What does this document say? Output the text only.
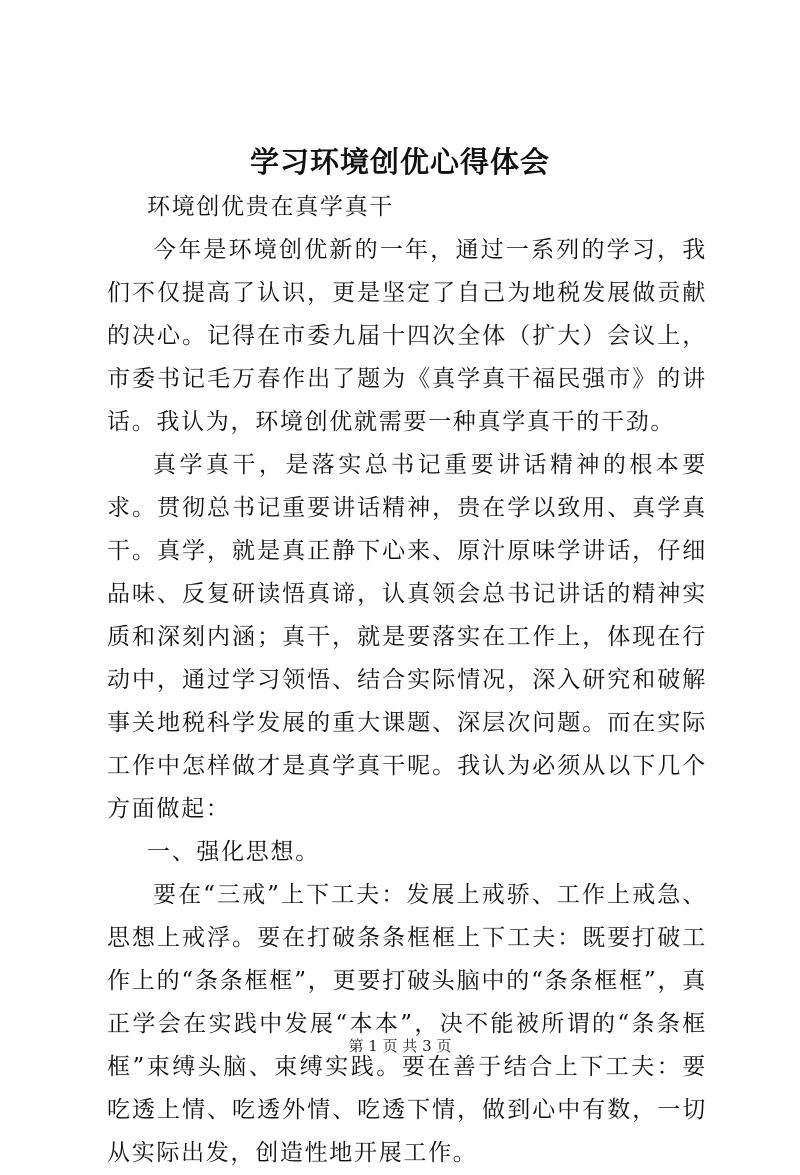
学习环境创优心得体会

环境创优贵在真学真干

今年是环境创优新的一年，通过一系列的学习，我们不仅提高了认识，更是坚定了自己为地税发展做贡献的决心。记得在市委九届十四次全体（扩大）会议上，市委书记毛万春作出了题为《真学真干福民强市》的讲话。我认为，环境创优就需要一种真学真干的干劲。

真学真干，是落实总书记重要讲话精神的根本要求。贯彻总书记重要讲话精神，贵在学以致用、真学真干。真学，就是真正静下心来、原汁原味学讲话，仔细品味、反复研读悟真谛，认真领会总书记讲话的精神实质和深刻内涵；真干，就是要落实在工作上，体现在行动中，通过学习领悟、结合实际情况，深入研究和破解事关地税科学发展的重大课题、深层次问题。而在实际工作中怎样做才是真学真干呢。我认为必须从以下几个方面做起：

一、强化思想。

要在“三戒”上下工夫：发展上戒骄、工作上戒急、思想上戒浮。要在打破条条框框上下工夫：既要打破工作上的“条条框框”，更要打破头脑中的“条条框框”，真正学会在实践中发展“本本”，决不能被所谓的“条条框框”束缚头脑、束缚实践。要在善于结合上下工夫：要吃透上情、吃透外情、吃透下情，做到心中有数，一切从实际出发，创造性地开展工作。

第 1 页 共 3 页
